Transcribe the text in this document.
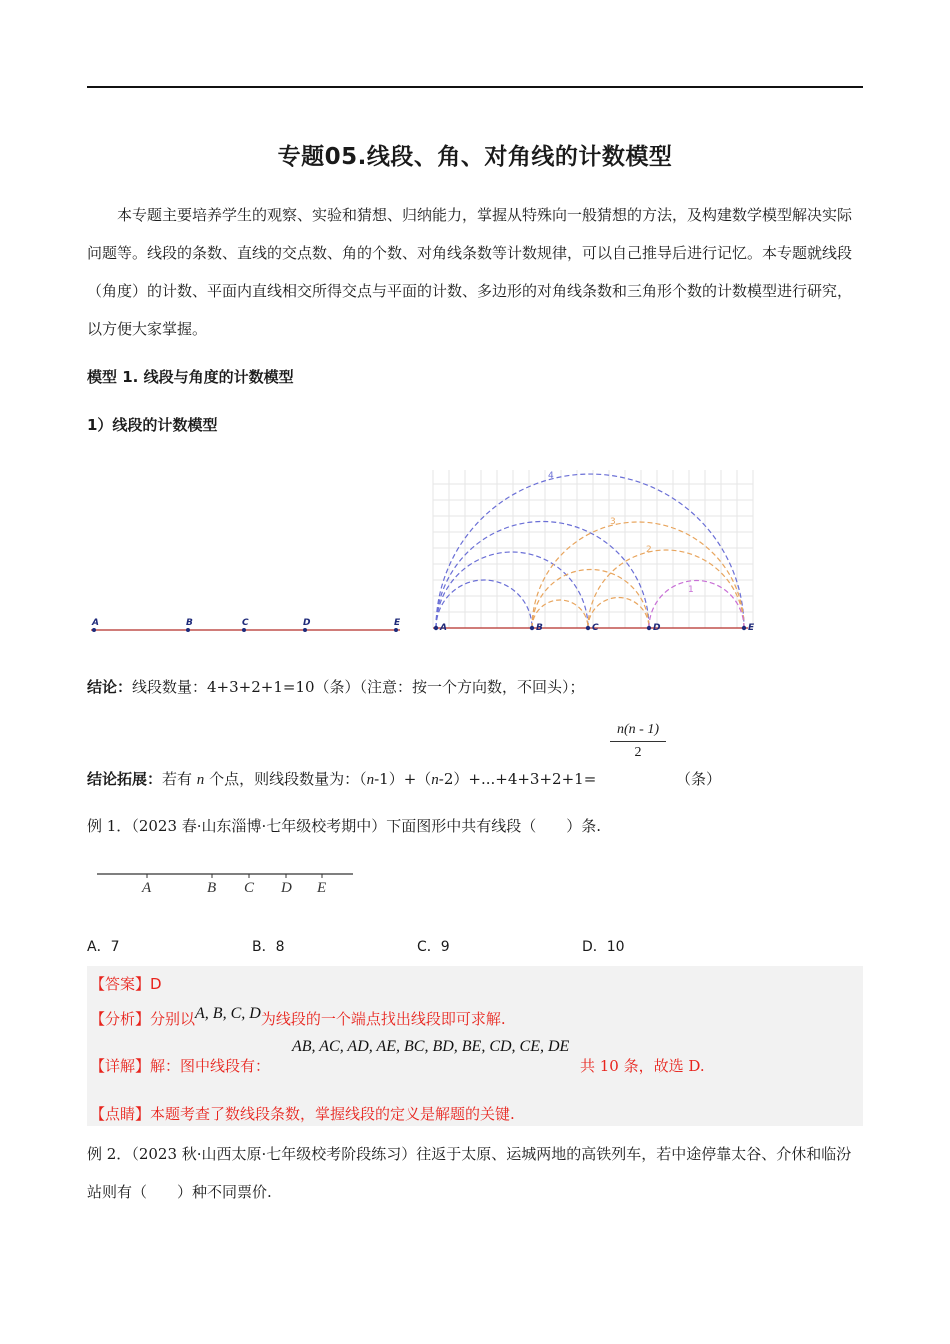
专题05.线段、角、对角线的计数模型
本专题主要培养学生的观察、实验和猜想、归纳能力，掌握从特殊向一般猜想的方法，及构建数学模型解决实际问题等。线段的条数、直线的交点数、角的个数、对角线条数等计数规律，可以自己推导后进行记忆。本专题就线段（角度）的计数、平面内直线相交所得交点与平面的计数、多边形的对角线条数和三角形个数的计数模型进行研究，以方便大家掌握。
模型 1. 线段与角度的计数模型
1）线段的计数模型
A	B	C	D	E	A	B	C	D	E
4
3
2
1
结论：线段数量：4+3+2+1=10（条）（注意：按一个方向数，不回头）；
$\frac{n(n - 1)}{2}$
结论拓展：若有 n 个点，则线段数量为：（n-1）+（n-2）+...+4+3+2+1=	（条）
例 1．（2023 春·山东淄博·七年级校考期中）下面图形中共有线段（　　）条.
A	B C D E
A．7	B．8	C．9	D．10
【答案】D
【分析】分别以A, B, C, D为线段的一个端点找出线段即可求解.
AB, AC, AD, AE, BC, BD, BE, CD, CE, DE
【详解】解：图中线段有：	共 10 条，故选 D.
【点睛】本题考查了数线段条数，掌握线段的定义是解题的关键.
例 2．（2023 秋·山西太原·七年级校考阶段练习）往返于太原、运城两地的高铁列车，若中途停靠太谷、介休和临汾站则有（　　）种不同票价.
